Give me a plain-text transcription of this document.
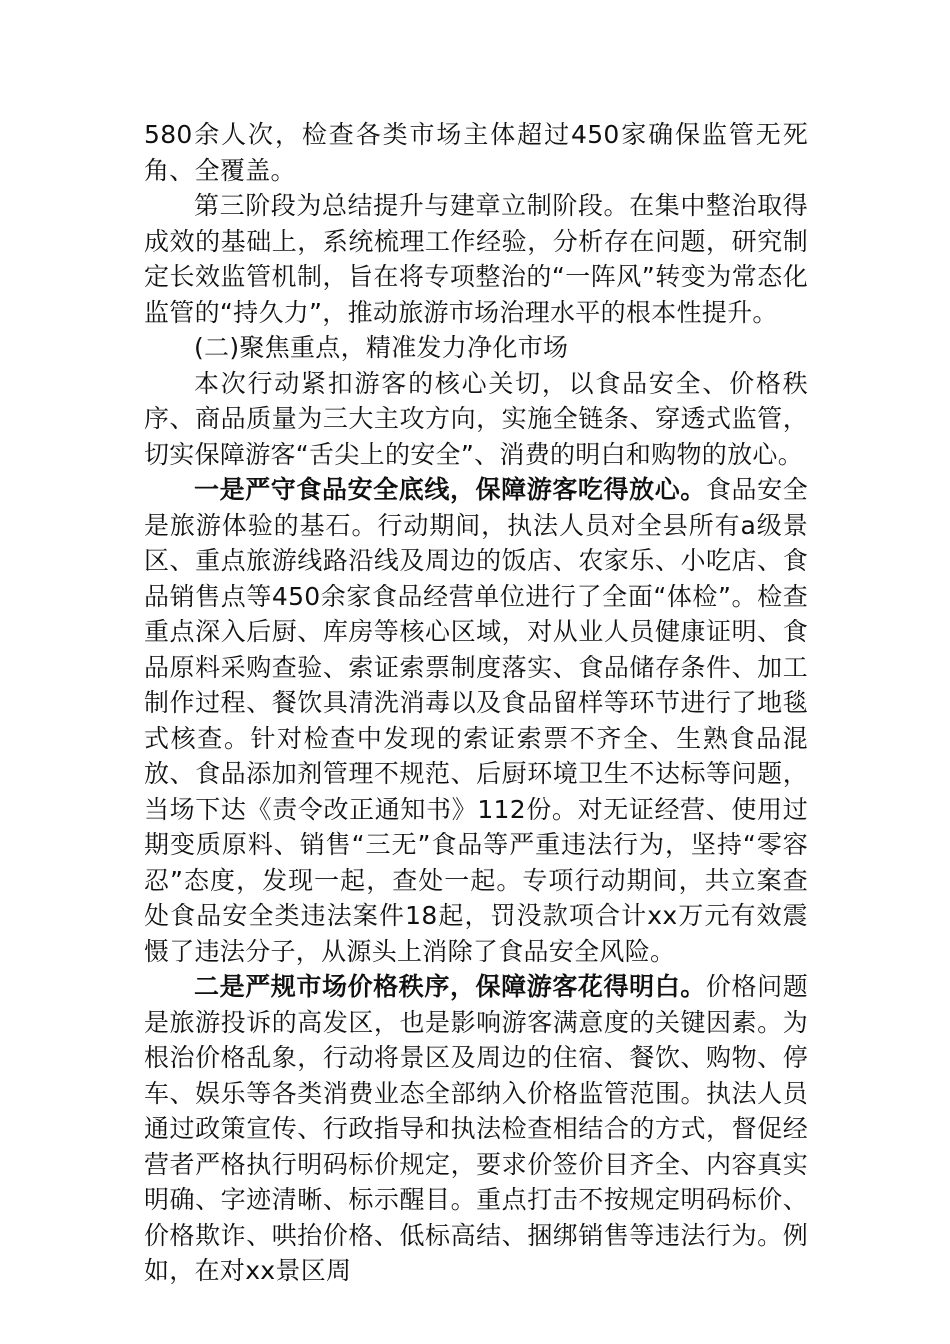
580余人次，检查各类市场主体超过450家确保监管无死角、全覆盖。

第三阶段为总结提升与建章立制阶段。在集中整治取得成效的基础上，系统梳理工作经验，分析存在问题，研究制定长效监管机制，旨在将专项整治的“一阵风”转变为常态化监管的“持久力”，推动旅游市场治理水平的根本性提升。

(二)聚焦重点，精准发力净化市场

本次行动紧扣游客的核心关切，以食品安全、价格秩序、商品质量为三大主攻方向，实施全链条、穿透式监管，切实保障游客“舌尖上的安全”、消费的明白和购物的放心。

一是严守食品安全底线，保障游客吃得放心。食品安全是旅游体验的基石。行动期间，执法人员对全县所有a级景区、重点旅游线路沿线及周边的饭店、农家乐、小吃店、食品销售点等450余家食品经营单位进行了全面“体检”。检查重点深入后厨、库房等核心区域，对从业人员健康证明、食品原料采购查验、索证索票制度落实、食品储存条件、加工制作过程、餐饮具清洗消毒以及食品留样等环节进行了地毯式核查。针对检查中发现的索证索票不齐全、生熟食品混放、食品添加剂管理不规范、后厨环境卫生不达标等问题，当场下达《责令改正通知书》112份。对无证经营、使用过期变质原料、销售“三无”食品等严重违法行为，坚持“零容忍”态度，发现一起，查处一起。专项行动期间，共立案查处食品安全类违法案件18起，罚没款项合计xx万元有效震慑了违法分子，从源头上消除了食品安全风险。

二是严规市场价格秩序，保障游客花得明白。价格问题是旅游投诉的高发区，也是影响游客满意度的关键因素。为根治价格乱象，行动将景区及周边的住宿、餐饮、购物、停车、娱乐等各类消费业态全部纳入价格监管范围。执法人员通过政策宣传、行政指导和执法检查相结合的方式，督促经营者严格执行明码标价规定，要求价签价目齐全、内容真实明确、字迹清晰、标示醒目。重点打击不按规定明码标价、价格欺诈、哄抬价格、低标高结、捆绑销售等违法行为。例如，在对xx景区周
